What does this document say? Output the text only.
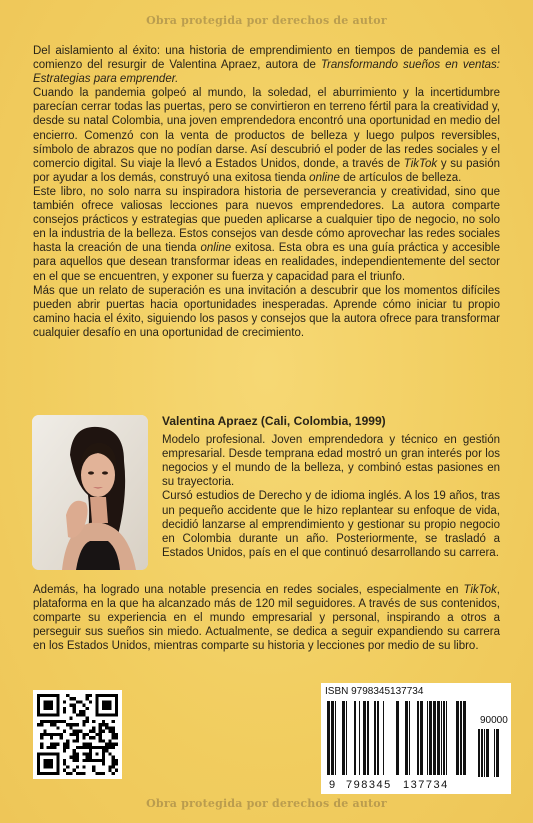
Obra protegida por derechos de autor

Del aislamiento al éxito: una historia de emprendimiento en tiempos de pandemia es el comienzo del resurgir de Valentina Apraez, autora de Transformando sueños en ventas: Estrategias para emprender.

Cuando la pandemia golpeó al mundo, la soledad, el aburrimiento y la incertidumbre parecían cerrar todas las puertas, pero se convirtieron en terreno fértil para la creatividad y, desde su natal Colombia, una joven emprendedora encontró una oportunidad en medio del encierro. Comenzó con la venta de productos de belleza y luego pulpos reversibles, símbolo de abrazos que no podían darse. Así descubrió el poder de las redes sociales y el comercio digital. Su viaje la llevó a Estados Unidos, donde, a través de TikTok y su pasión por ayudar a los demás, construyó una exitosa tienda online de artículos de belleza.

Este libro, no solo narra su inspiradora historia de perseverancia y creatividad, sino que también ofrece valiosas lecciones para nuevos emprendedores. La autora comparte consejos prácticos y estrategias que pueden aplicarse a cualquier tipo de negocio, no solo en la industria de la belleza. Estos consejos van desde cómo aprovechar las redes sociales hasta la creación de una tienda online exitosa. Esta obra es una guía práctica y accesible para aquellos que desean transformar ideas en realidades, independientemente del sector en el que se encuentren, y exponer su fuerza y capacidad para el triunfo.

Más que un relato de superación es una invitación a descubrir que los momentos difíciles pueden abrir puertas hacia oportunidades inesperadas. Aprende cómo iniciar tu propio camino hacia el éxito, siguiendo los pasos y consejos que la autora ofrece para transformar cualquier desafío en una oportunidad de crecimiento.

Valentina Apraez (Cali, Colombia, 1999)

Modelo profesional. Joven emprendedora y técnico en gestión empresarial. Desde temprana edad mostró un gran interés por los negocios y el mundo de la belleza, y combinó estas pasiones en su trayectoria.

Cursó estudios de Derecho y de idioma inglés. A los 19 años, tras un pequeño accidente que le hizo replantear su enfoque de vida, decidió lanzarse al emprendimiento y gestionar su propio negocio en Colombia durante un año. Posteriormente, se trasladó a Estados Unidos, país en el que continuó desarrollando su carrera.

Además, ha logrado una notable presencia en redes sociales, especialmente en TikTok, plataforma en la que ha alcanzado más de 120 mil seguidores. A través de sus contenidos, comparte su experiencia en el mundo empresarial y personal, inspirando a otros a perseguir sus sueños sin miedo. Actualmente, se dedica a seguir expandiendo su carrera en los Estados Unidos, mientras comparte su historia y lecciones por medio de su libro.

ISBN 9798345137734
90000
9 798345 137734
Obra protegida por derechos de autor
